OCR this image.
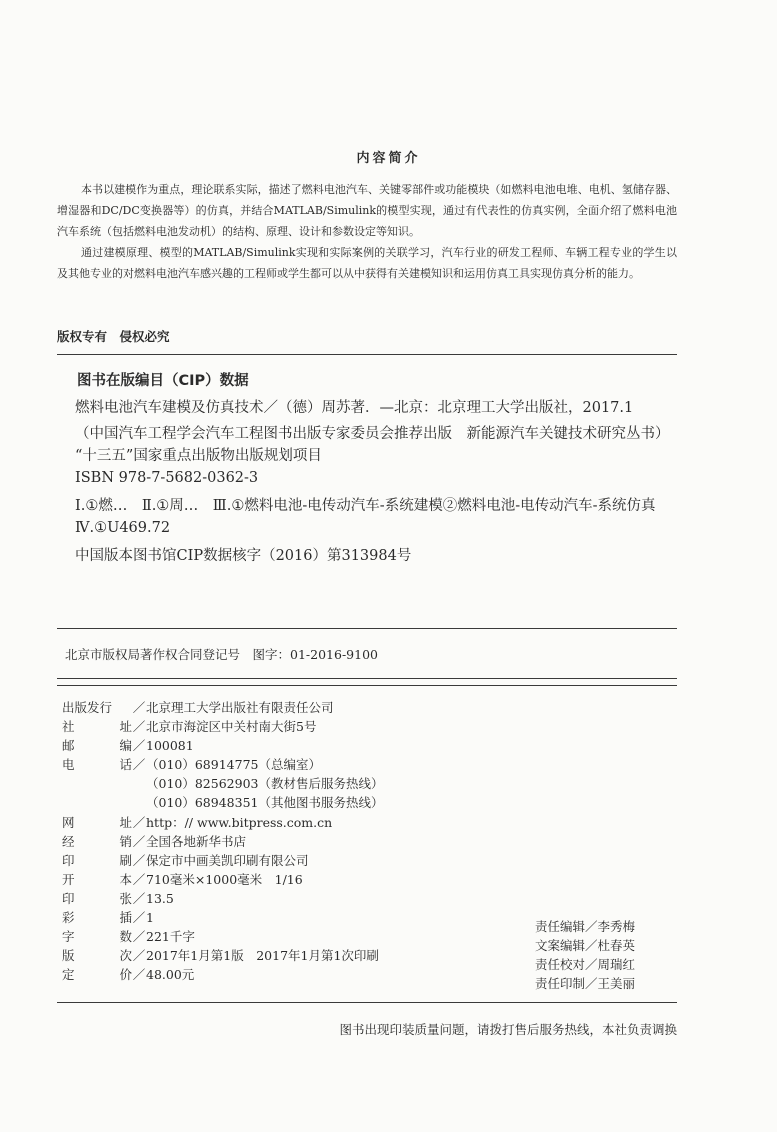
内容简介

本书以建模作为重点，理论联系实际，描述了燃料电池汽车、关键零部件或功能模块（如燃料电池电堆、电机、氢储存器、增湿器和DC/DC变换器等）的仿真，并结合MATLAB/Simulink的模型实现，通过有代表性的仿真实例，全面介绍了燃料电池汽车系统（包括燃料电池发动机）的结构、原理、设计和参数设定等知识。

通过建模原理、模型的MATLAB/Simulink实现和实际案例的关联学习，汽车行业的研发工程师、车辆工程专业的学生以及其他专业的对燃料电池汽车感兴趣的工程师或学生都可以从中获得有关建模知识和运用仿真工具实现仿真分析的能力。

版权专有　侵权必究
图书在版编目（CIP）数据

燃料电池汽车建模及仿真技术／（德）周苏著．—北京：北京理工大学出版社，2017.1

（中国汽车工程学会汽车工程图书出版专家委员会推荐出版　新能源汽车关键技术研究丛书）

“十三五”国家重点出版物出版规划项目

ISBN 978-7-5682-0362-3

Ⅰ.①燃…　Ⅱ.①周…　Ⅲ.①燃料电池-电传动汽车-系统建模②燃料电池-电传动汽车-系统仿真　Ⅳ.①U469.72

中国版本图书馆CIP数据核字（2016）第313984号

北京市版权局著作权合同登记号　图字：01-2016-9100
出版发行	／ 北京理工大学出版社有限责任公司
社	址 ／ 北京市海淀区中关村南大街5号
邮	编 ／ 100081
电	话 ／ （010）68914775（总编室）
（010）82562903（教材售后服务热线）
（010）68948351（其他图书服务热线）
网	址 ／ http：// www.bitpress.com.cn
经	销 ／ 全国各地新华书店
印	刷 ／ 保定市中画美凯印刷有限公司
开	本 ／ 710毫米×1000毫米　1/16
印	张 ／ 13.5
彩	插 ／ 1
字	数 ／ 221千字
版	次 ／ 2017年1月第1版　2017年1月第1次印刷
定	价 ／ 48.00元
责任编辑／李秀梅
文案编辑／杜春英
责任校对／周瑞红
责任印制／王美丽
图书出现印装质量问题，请拨打售后服务热线，本社负责调换
